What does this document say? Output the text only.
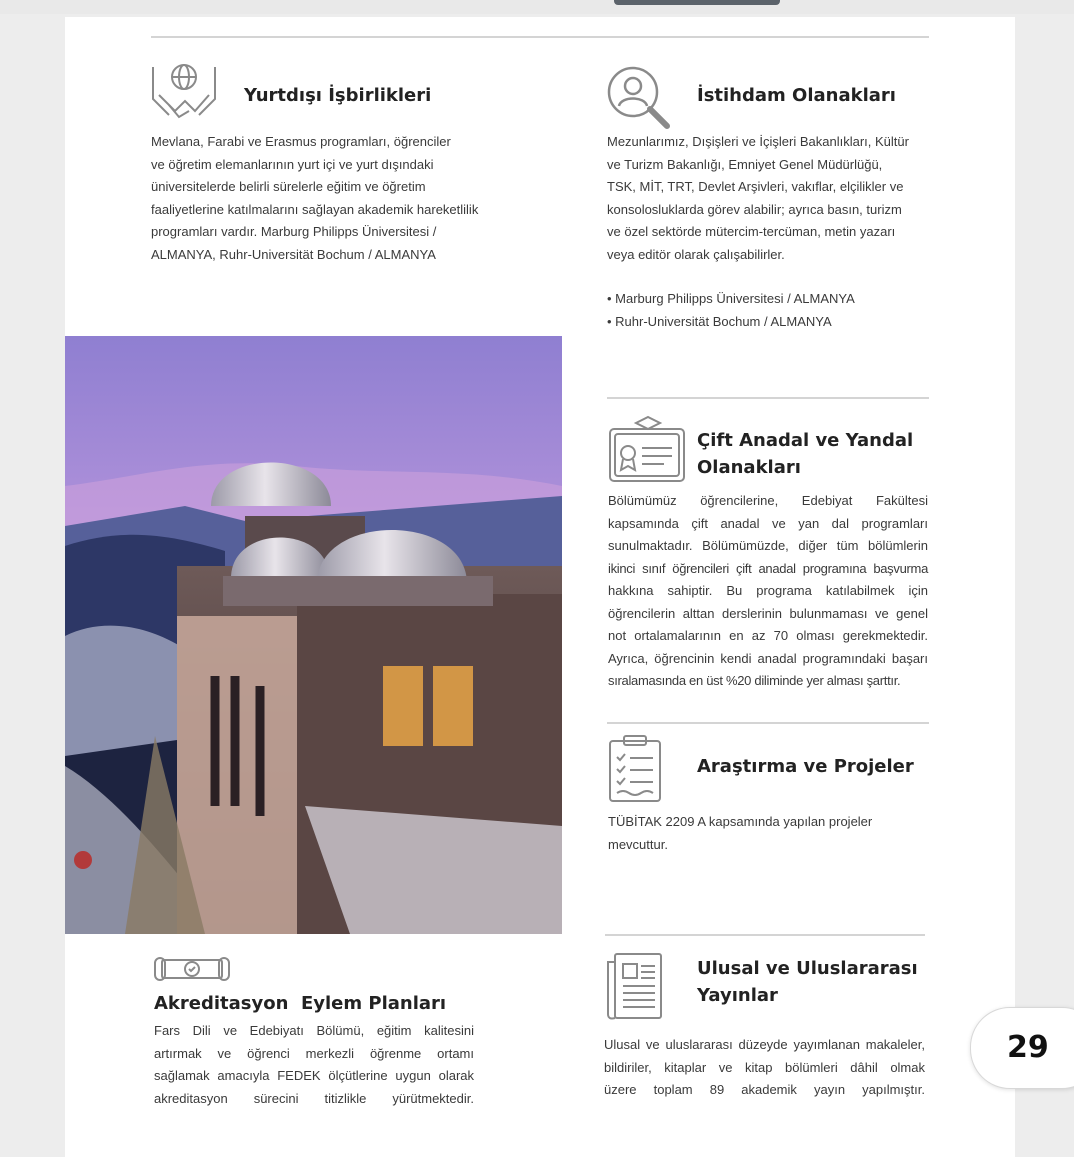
Yurtdışı İşbirlikleri

Mevlana, Farabi ve Erasmus programları, öğrenciler

ve öğretim elemanlarının yurt içi ve yurt dışındaki

üniversitelerde belirli sürelerle eğitim ve öğretim

faaliyetlerine katılmalarını sağlayan akademik hareketlilik

programları vardır. Marburg Philipps Üniversitesi /

ALMANYA, Ruhr-Universität Bochum / ALMANYA

İstihdam Olanakları

Mezunlarımız, Dışişleri ve İçişleri Bakanlıkları, Kültür

ve Turizm Bakanlığı, Emniyet Genel Müdürlüğü,

TSK, MİT, TRT, Devlet Arşivleri, vakıflar, elçilikler ve

konsolosluklarda görev alabilir; ayrıca basın, turizm

ve özel sektörde mütercim-tercüman, metin yazarı

veya editör olarak çalışabilirler.

• Marburg Philipps Üniversitesi / ALMANYA
• Ruhr-Universität Bochum / ALMANYA
Çift Anadal ve Yandal
Olanakları

Bölümümüz öğrencilerine, Edebiyat Fakültesi

kapsamında çift anadal ve yan dal programları

sunulmaktadır. Bölümümüzde, diğer tüm bölümlerin

ikinci sınıf öğrencileri çift anadal programına başvurma

hakkına sahiptir. Bu programa katılabilmek için

öğrencilerin alttan derslerinin bulunmaması ve genel

not ortalamalarının en az 70 olması gerekmektedir.

Ayrıca, öğrencinin kendi anadal programındaki başarı

sıralamasında en üst %20 diliminde yer alması şarttır.

Araştırma ve Projeler

TÜBİTAK 2209 A kapsamında yapılan projeler

mevcuttur.

Ulusal ve Uluslararası
Yayınlar

Ulusal ve uluslararası düzeyde yayımlanan makaleler,

bildiriler, kitaplar ve kitap bölümleri dâhil olmak

üzere toplam 89 akademik yayın yapılmıştır.

Akreditasyon  Eylem Planları

Fars Dili ve Edebiyatı Bölümü, eğitim kalitesini

artırmak ve öğrenci merkezli öğrenme ortamı

sağlamak amacıyla FEDEK ölçütlerine uygun olarak

akreditasyon sürecini titizlikle yürütmektedir.

29
